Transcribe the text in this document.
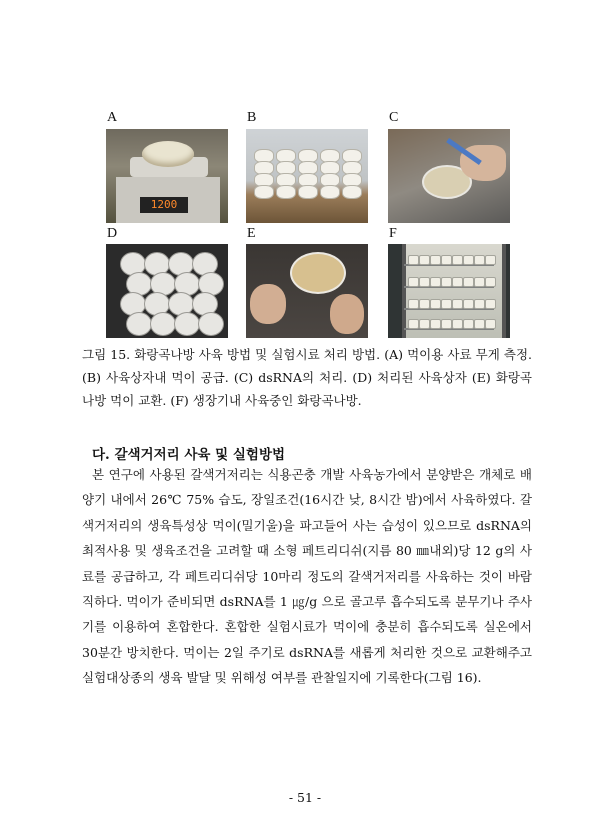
A	B	C
D	E	F
1200
그림 15. 화랑곡나방 사육 방법 및 실험시료 처리 방법. (A) 먹이용 사료 무게 측정. (B) 사육상자내 먹이 공급. (C) dsRNA의 처리. (D) 처리된 사육상자 (E) 화랑곡나방 먹이 교환. (F) 생장기내 사육중인 화랑곡나방.
다. 갈색거저리 사육 및 실험방법
본 연구에 사용된 갈색거저리는 식용곤충 개발 사육농가에서 분양받은 개체로 배양기 내에서 26℃ 75% 습도, 장일조건(16시간 낮, 8시간 밤)에서 사육하였다. 갈색거저리의 생육특성상 먹이(밀기울)을 파고들어 사는 습성이 있으므로 dsRNA의 최적사용 및 생육조건을 고려할 때 소형 페트리디쉬(지름 80 ㎜내외)당 12 g의 사료를 공급하고, 각 페트리디쉬당 10마리 정도의 갈색거저리를 사육하는 것이 바람직하다. 먹이가 준비되면 dsRNA를 1 ㎍/g 으로 골고루 흡수되도록 분무기나 주사기를 이용하여 혼합한다. 혼합한 실험시료가 먹이에 충분히 흡수되도록 실온에서 30분간 방치한다. 먹이는 2일 주기로 dsRNA를 새롭게 처리한 것으로 교환해주고 실험대상종의 생육 발달 및 위해성 여부를 관찰일지에 기록한다(그림 16).
- 51 -
